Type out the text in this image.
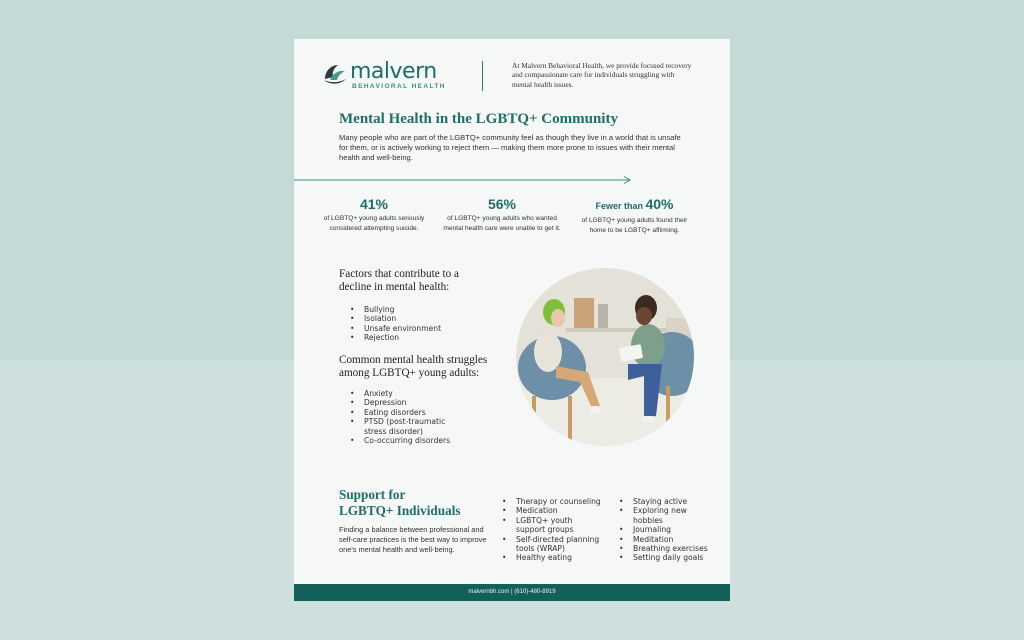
malvern
BEHAVIORAL HEALTH
At Malvern Behavioral Health, we provide focused recovery and compassionate care for individuals struggling with mental health issues.
Mental Health in the LGBTQ+ Community
Many people who are part of the LGBTQ+ community feel as though they live in a world that is unsafe for them, or is actively working to reject them — making them more prone to issues with their mental health and well-being.
41%
of LGBTQ+ young adults seriously
considered attempting suicide.
56%
of LGBTQ+ young adults who wanted
mental health care were unable to get it.
Fewer than 40%
of LGBTQ+ young adults found their
home to be LGBTQ+ affirming.
Factors that contribute to a
decline in mental health:
• Bullying
• Isolation
• Unsafe environment
• Rejection
Common mental health struggles
among LGBTQ+ young adults:
• Anxiety
• Depression
• Eating disorders
• PTSD (post-traumatic
stress disorder)
• Co-occurring disorders
Support for
LGBTQ+ Individuals
Finding a balance between professional and self-care practices is the best way to improve one's mental health and well-being.
• Therapy or counseling
• Medication
• LGBTQ+ youth
support groups
• Self-directed planning
tools (WRAP)
• Healthy eating
• Staying active
• Exploring new
hobbies
• Journaling
• Meditation
• Breathing exercises
• Setting daily goals
malvernbh.com | (610)-480-8919
